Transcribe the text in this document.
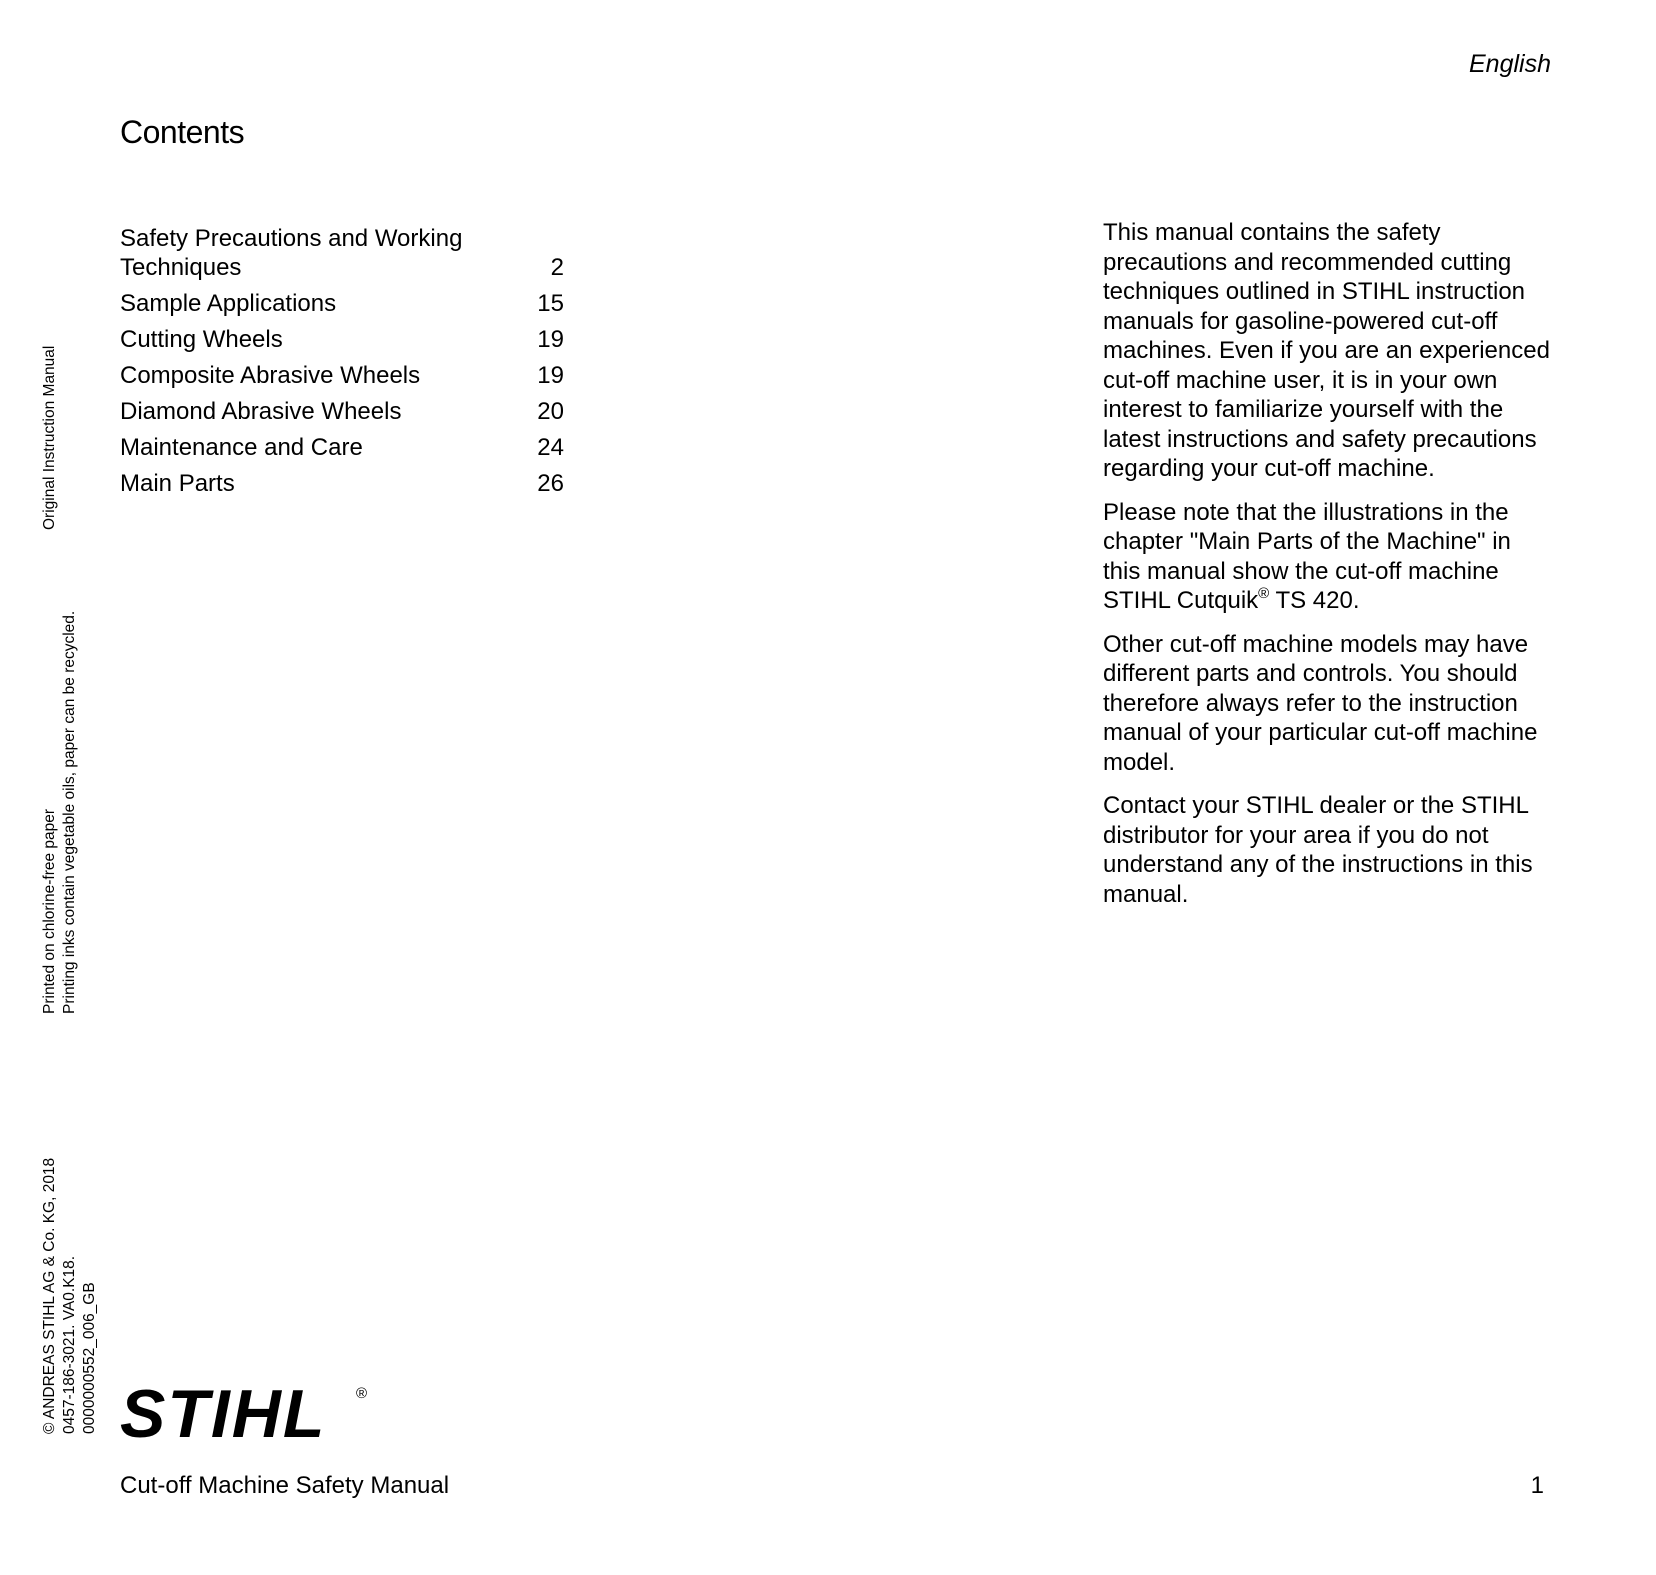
English
Contents
Safety Precautions and Working Techniques	2
Sample Applications	15
Cutting Wheels	19
Composite Abrasive Wheels	19
Diamond Abrasive Wheels	20
Maintenance and Care	24
Main Parts	26

This manual contains the safety precautions and recommended cutting techniques outlined in STIHL instruction manuals for gasoline-powered cut-off machines. Even if you are an experienced cut-off machine user, it is in your own interest to familiarize yourself with the latest instructions and safety precautions regarding your cut-off machine.

Please note that the illustrations in the chapter "Main Parts of the Machine" in this manual show the cut-off machine STIHL Cutquik® TS 420.

Other cut-off machine models may have different parts and controls. You should therefore always refer to the instruction manual of your particular cut-off machine model.

Contact your STIHL dealer or the STIHL distributor for your area if you do not understand any of the instructions in this manual.

Original Instruction Manual
Printed on chlorine-free paper Printing inks contain vegetable oils, paper can be recycled.
© ANDREAS STIHL AG & Co. KG, 2018 0457-186-3021. VA0.K18. 0000000552_006_GB STIHL ®
Cut-off Machine Safety Manual	1
